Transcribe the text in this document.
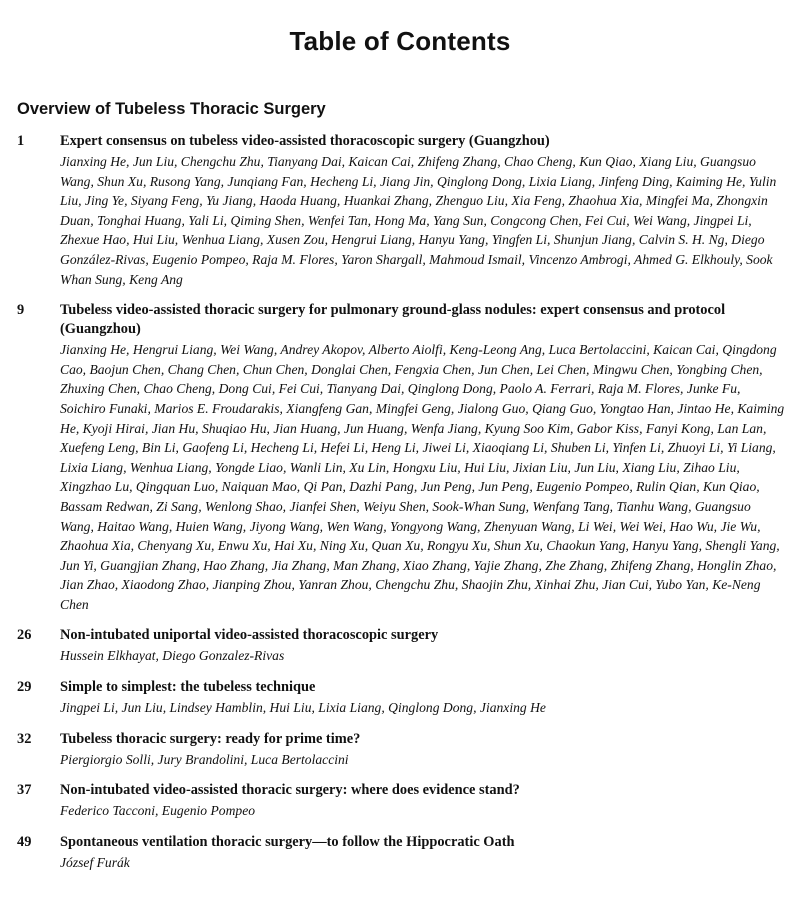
Table of Contents
Overview of Tubeless Thoracic Surgery
1 Expert consensus on tubeless video-assisted thoracoscopic surgery (Guangzhou)

Jianxing He, Jun Liu, Chengchu Zhu, Tianyang Dai, Kaican Cai, Zhifeng Zhang, Chao Cheng, Kun Qiao, Xiang Liu, Guangsuo Wang, Shun Xu, Rusong Yang, Junqiang Fan, Hecheng Li, Jiang Jin, Qinglong Dong, Lixia Liang, Jinfeng Ding, Kaiming He, Yulin Liu, Jing Ye, Siyang Feng, Yu Jiang, Haoda Huang, Huankai Zhang, Zhenguo Liu, Xia Feng, Zhaohua Xia, Mingfei Ma, Zhongxin Duan, Tonghai Huang, Yali Li, Qiming Shen, Wenfei Tan, Hong Ma, Yang Sun, Congcong Chen, Fei Cui, Wei Wang, Jingpei Li, Zhexue Hao, Hui Liu, Wenhua Liang, Xusen Zou, Hengrui Liang, Hanyu Yang, Yingfen Li, Shunjun Jiang, Calvin S. H. Ng, Diego González-Rivas, Eugenio Pompeo, Raja M. Flores, Yaron Shargall, Mahmoud Ismail, Vincenzo Ambrogi, Ahmed G. Elkhouly, Sook Whan Sung, Keng Ang

9 Tubeless video-assisted thoracic surgery for pulmonary ground-glass nodules: expert consensus and protocol (Guangzhou)

Jianxing He, Hengrui Liang, Wei Wang, Andrey Akopov, Alberto Aiolfi, Keng-Leong Ang, Luca Bertolaccini, Kaican Cai, Qingdong Cao, Baojun Chen, Chang Chen, Chun Chen, Donglai Chen, Fengxia Chen, Jun Chen, Lei Chen, Mingwu Chen, Yongbing Chen, Zhuxing Chen, Chao Cheng, Dong Cui, Fei Cui, Tianyang Dai, Qinglong Dong, Paolo A. Ferrari, Raja M. Flores, Junke Fu, Soichiro Funaki, Marios E. Froudarakis, Xiangfeng Gan, Mingfei Geng, Jialong Guo, Qiang Guo, Yongtao Han, Jintao He, Kaiming He, Kyoji Hirai, Jian Hu, Shuqiao Hu, Jian Huang, Jun Huang, Wenfa Jiang, Kyung Soo Kim, Gabor Kiss, Fanyi Kong, Lan Lan, Xuefeng Leng, Bin Li, Gaofeng Li, Hecheng Li, Hefei Li, Heng Li, Jiwei Li, Xiaoqiang Li, Shuben Li, Yinfen Li, Zhuoyi Li, Yi Liang, Lixia Liang, Wenhua Liang, Yongde Liao, Wanli Lin, Xu Lin, Hongxu Liu, Hui Liu, Jixian Liu, Jun Liu, Xiang Liu, Zihao Liu, Xingzhao Lu, Qingquan Luo, Naiquan Mao, Qi Pan, Dazhi Pang, Jun Peng, Jun Peng, Eugenio Pompeo, Rulin Qian, Kun Qiao, Bassam Redwan, Zi Sang, Wenlong Shao, Jianfei Shen, Weiyu Shen, Sook-Whan Sung, Wenfang Tang, Tianhu Wang, Guangsuo Wang, Haitao Wang, Huien Wang, Jiyong Wang, Wen Wang, Yongyong Wang, Zhenyuan Wang, Li Wei, Wei Wei, Hao Wu, Jie Wu, Zhaohua Xia, Chenyang Xu, Enwu Xu, Hai Xu, Ning Xu, Quan Xu, Rongyu Xu, Shun Xu, Chaokun Yang, Hanyu Yang, Shengli Yang, Jun Yi, Guangjian Zhang, Hao Zhang, Jia Zhang, Man Zhang, Xiao Zhang, Yajie Zhang, Zhe Zhang, Zhifeng Zhang, Honglin Zhao, Jian Zhao, Xiaodong Zhao, Jianping Zhou, Yanran Zhou, Chengchu Zhu, Shaojin Zhu, Xinhai Zhu, Jian Cui, Yubo Yan, Ke-Neng Chen

26 Non-intubated uniportal video-assisted thoracoscopic surgery

Hussein Elkhayat, Diego Gonzalez-Rivas

29 Simple to simplest: the tubeless technique

Jingpei Li, Jun Liu, Lindsey Hamblin, Hui Liu, Lixia Liang, Qinglong Dong, Jianxing He

32 Tubeless thoracic surgery: ready for prime time?

Piergiorgio Solli, Jury Brandolini, Luca Bertolaccini

37 Non-intubated video-assisted thoracic surgery: where does evidence stand?

Federico Tacconi, Eugenio Pompeo

49 Spontaneous ventilation thoracic surgery—to follow the Hippocratic Oath

József Furák
